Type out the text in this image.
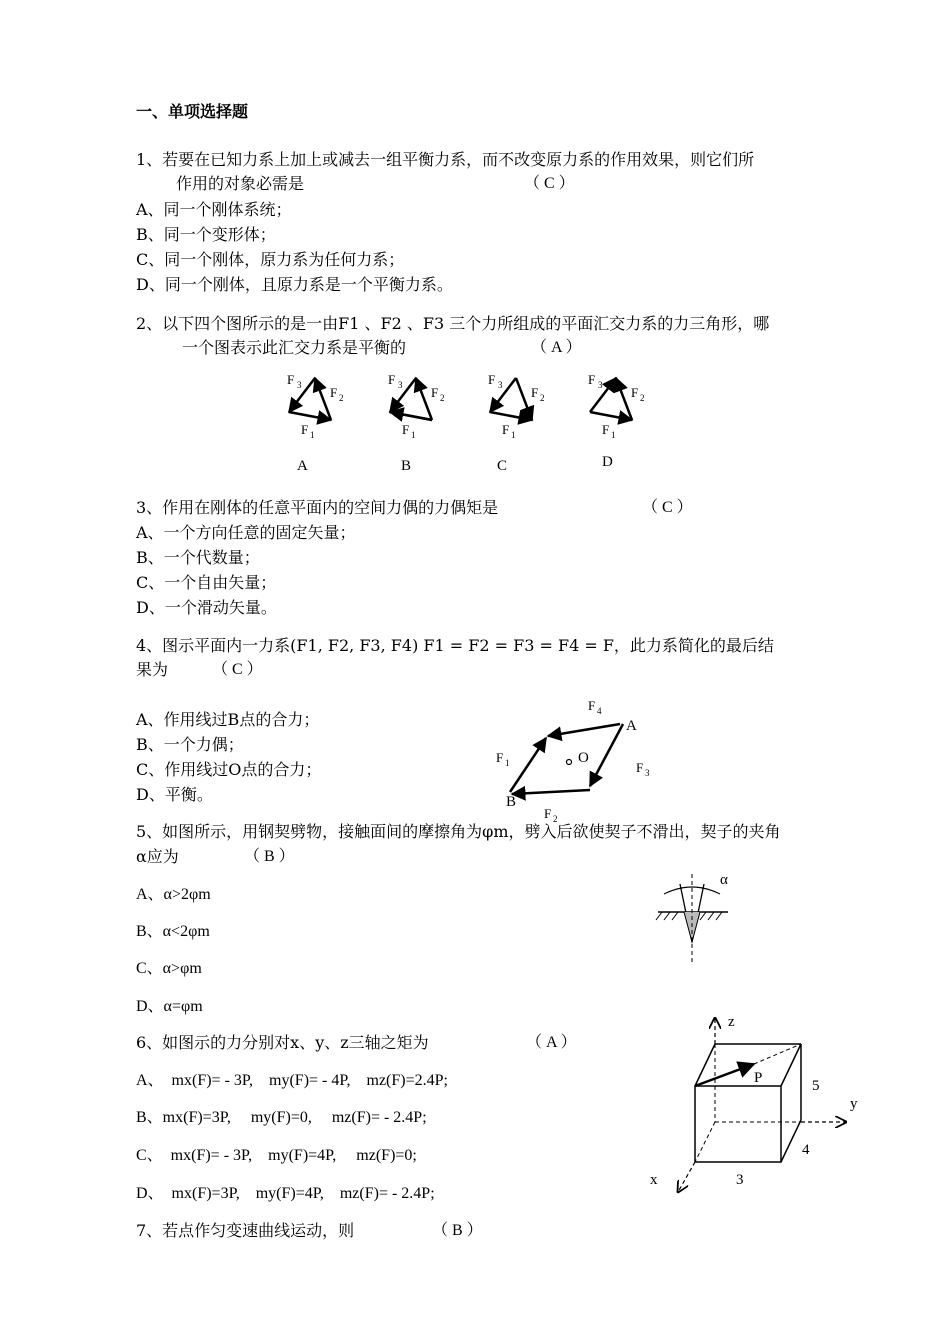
一、单项选择题
1、若要在已知力系上加上或减去一组平衡力系，而不改变原力系的作用效果，则它们所
作用的对象必需是	（ C ）
A、同一个刚体系统；
B、同一个变形体；
C、同一个刚体，原力系为任何力系；
D、同一个刚体，且原力系是一个平衡力系。
2、以下四个图所示的是一由F1 、F2 、F3 三个力所组成的平面汇交力系的力三角形，哪
一个图表示此汇交力系是平衡的	（ A ）
F 3 F 2
F 1
F 3 F 2
F 1
F 3 F 2
F 1
F 3 F 2
F 1
A	B	C	D
3、作用在刚体的任意平面内的空间力偶的力偶矩是	（ C ）
A、一个方向任意的固定矢量；
B、一个代数量；
C、一个自由矢量；
D、一个滑动矢量。
4、图示平面内一力系(F1, F2, F3, F4) F1 = F2 = F3 = F4 = F，此力系简化的最后结
果为	（ C ）
A、作用线过B点的合力；
B、一个力偶；
C、作用线过O点的合力；
D、平衡。
O
A
B
F 4
F 1	F 3
F 2
5、如图所示，用钢契劈物，接触面间的摩擦角为φm，劈入后欲使契子不滑出，契子的夹角
α应为	（ B ）
A、α>2φm
B、α<2φm
C、α>φm
D、α=φm
α
6、如图示的力分别对x、y、z三轴之矩为	（ A ）
A、  mx(F)= - 3P,    my(F)= - 4P,    mz(F)=2.4P;
B、mx(F)=3P,     my(F)=0,     mz(F)= - 2.4P;
C、  mx(F)= - 3P,    my(F)=4P,     mz(F)=0;
D、  mx(F)=3P,    my(F)=4P,    mz(F)= - 2.4P;
P
z
y
x
5
4
3
7、若点作匀变速曲线运动，则	（ B ）
